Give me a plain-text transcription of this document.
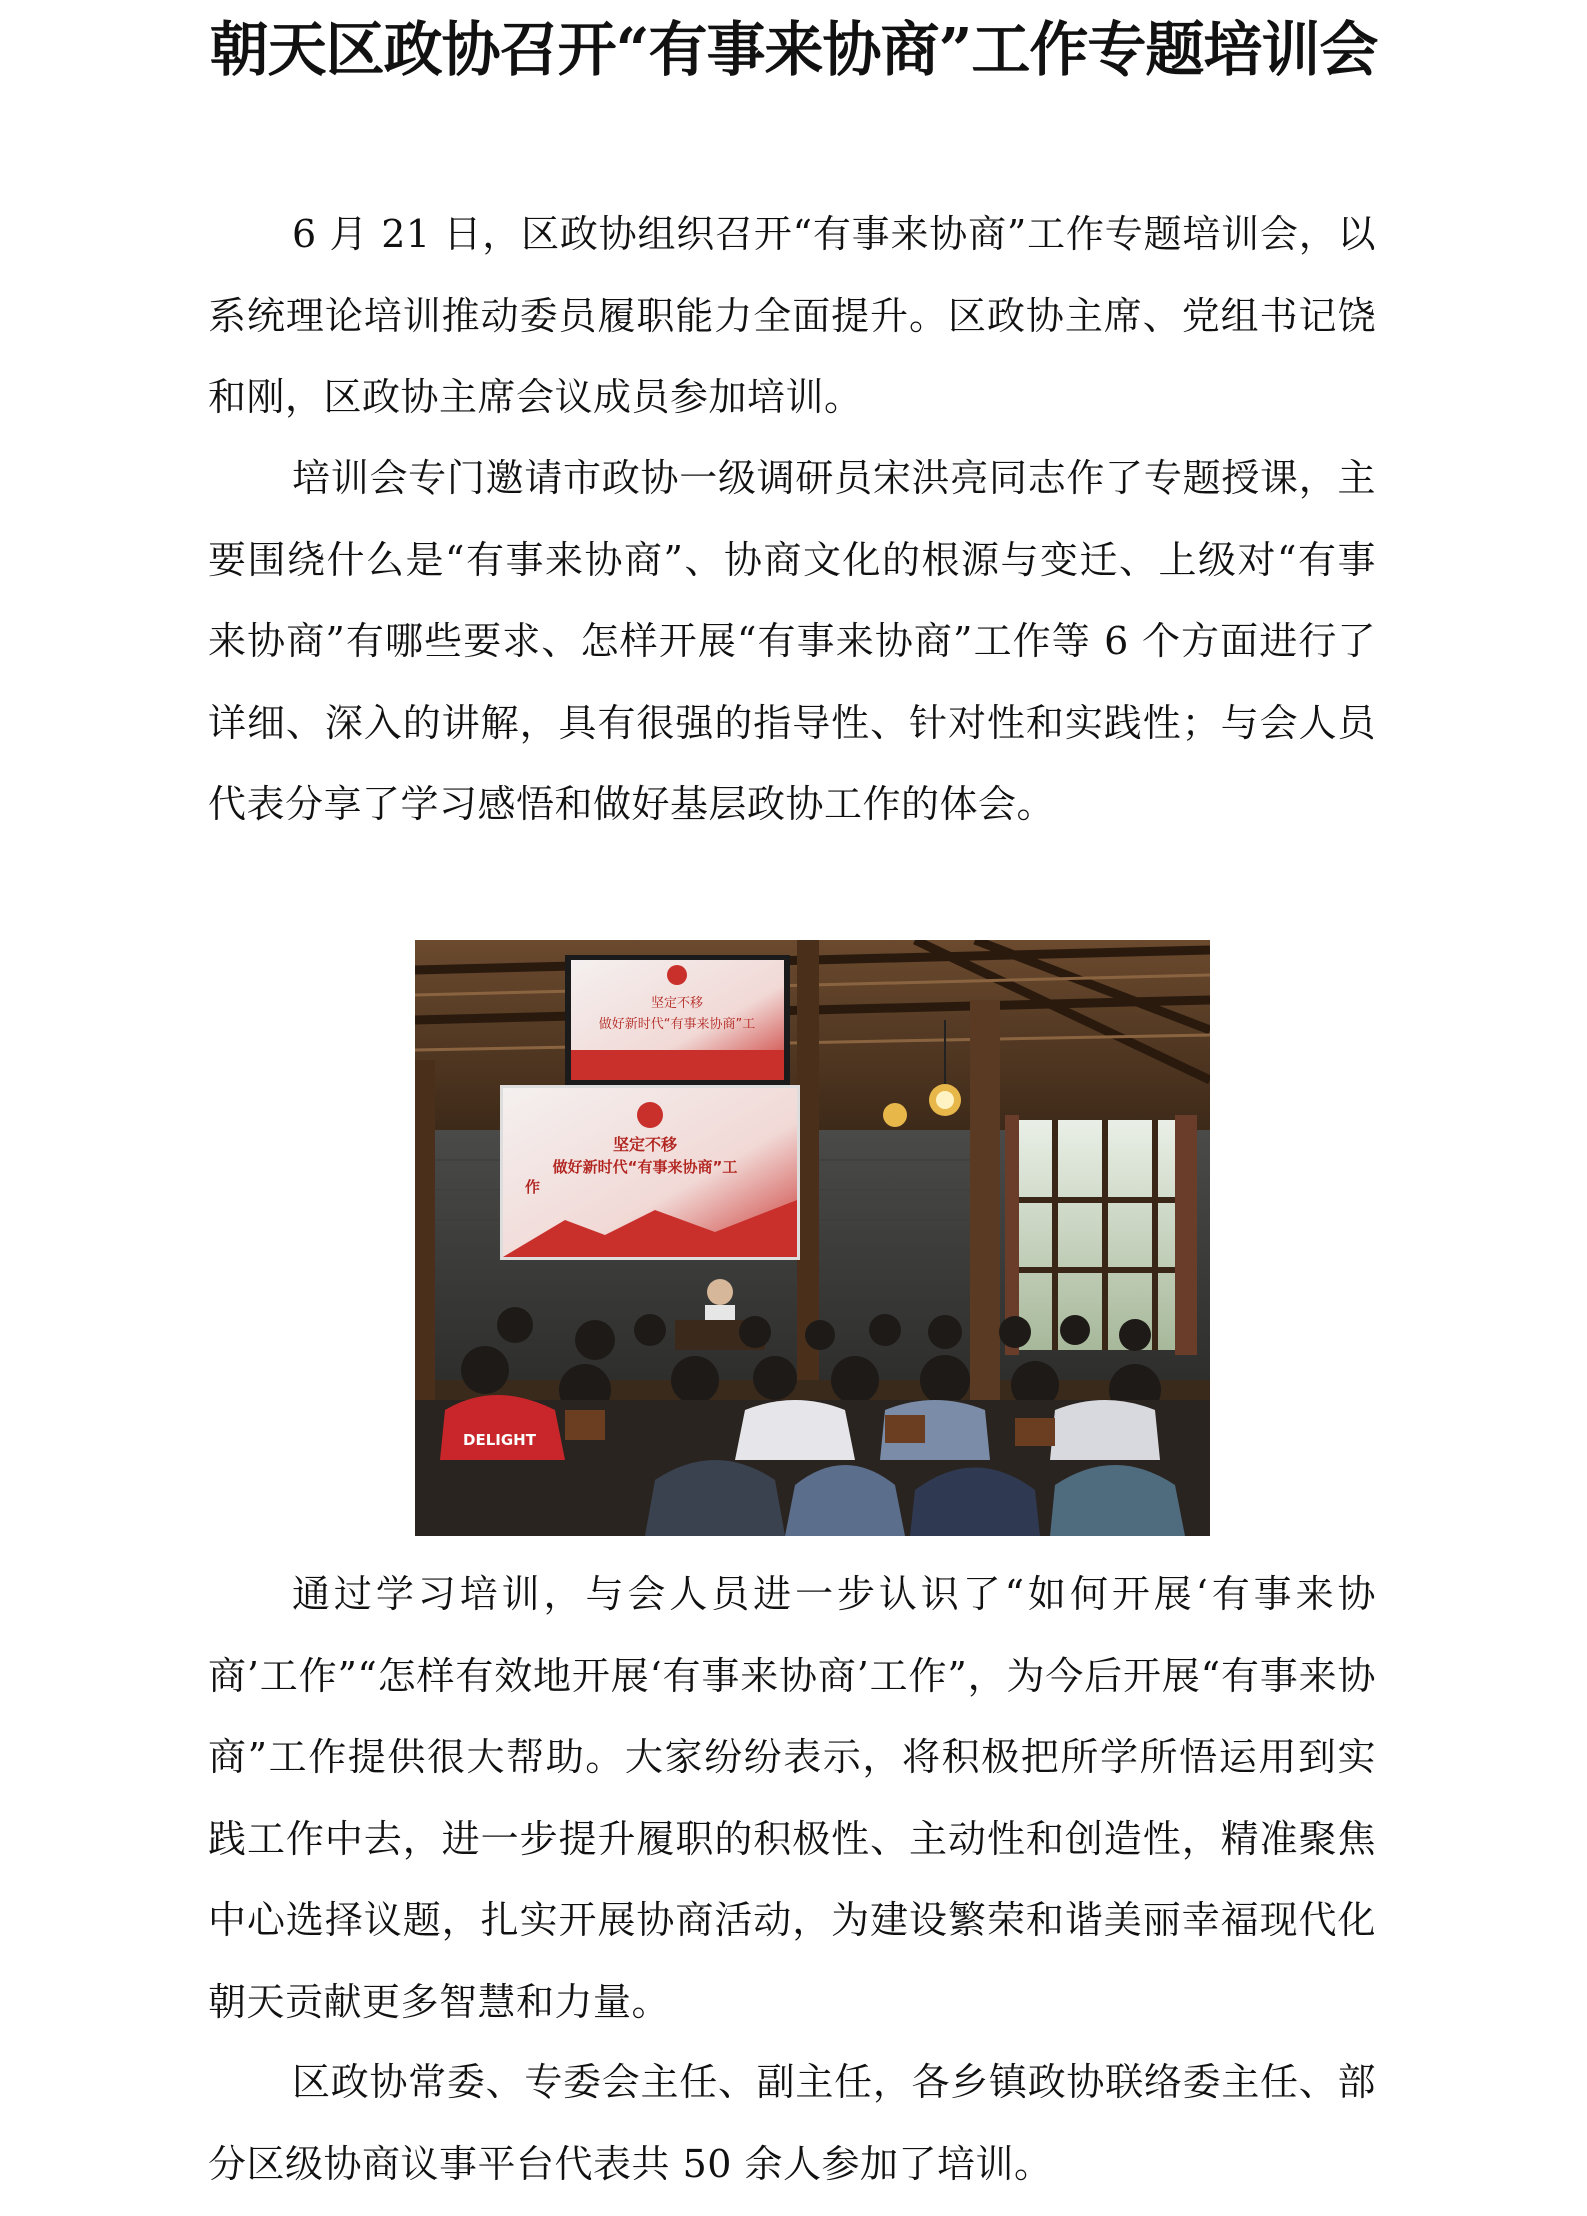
朝天区政协召开“有事来协商”工作专题培训会

6 月 21 日，区政协组织召开“有事来协商”工作专题培训会，以系统理论培训推动委员履职能力全面提升。区政协主席、党组书记饶和刚，区政协主席会议成员参加培训。

培训会专门邀请市政协一级调研员宋洪亮同志作了专题授课，主要围绕什么是“有事来协商”、协商文化的根源与变迁、上级对“有事来协商”有哪些要求、怎样开展“有事来协商”工作等 6 个方面进行了详细、深入的讲解，具有很强的指导性、针对性和实践性；与会人员代表分享了学习感悟和做好基层政协工作的体会。

坚定不移
做好新时代“有事来协商”工
坚定不移
做好新时代“有事来协商”工
作
DELIGHT

通过学习培训，与会人员进一步认识了“如何开展‘有事来协商’工作”“怎样有效地开展‘有事来协商’工作”，为今后开展“有事来协商”工作提供很大帮助。大家纷纷表示，将积极把所学所悟运用到实践工作中去，进一步提升履职的积极性、主动性和创造性，精准聚焦中心选择议题，扎实开展协商活动，为建设繁荣和谐美丽幸福现代化朝天贡献更多智慧和力量。

区政协常委、专委会主任、副主任，各乡镇政协联络委主任、部分区级协商议事平台代表共 50 余人参加了培训。
